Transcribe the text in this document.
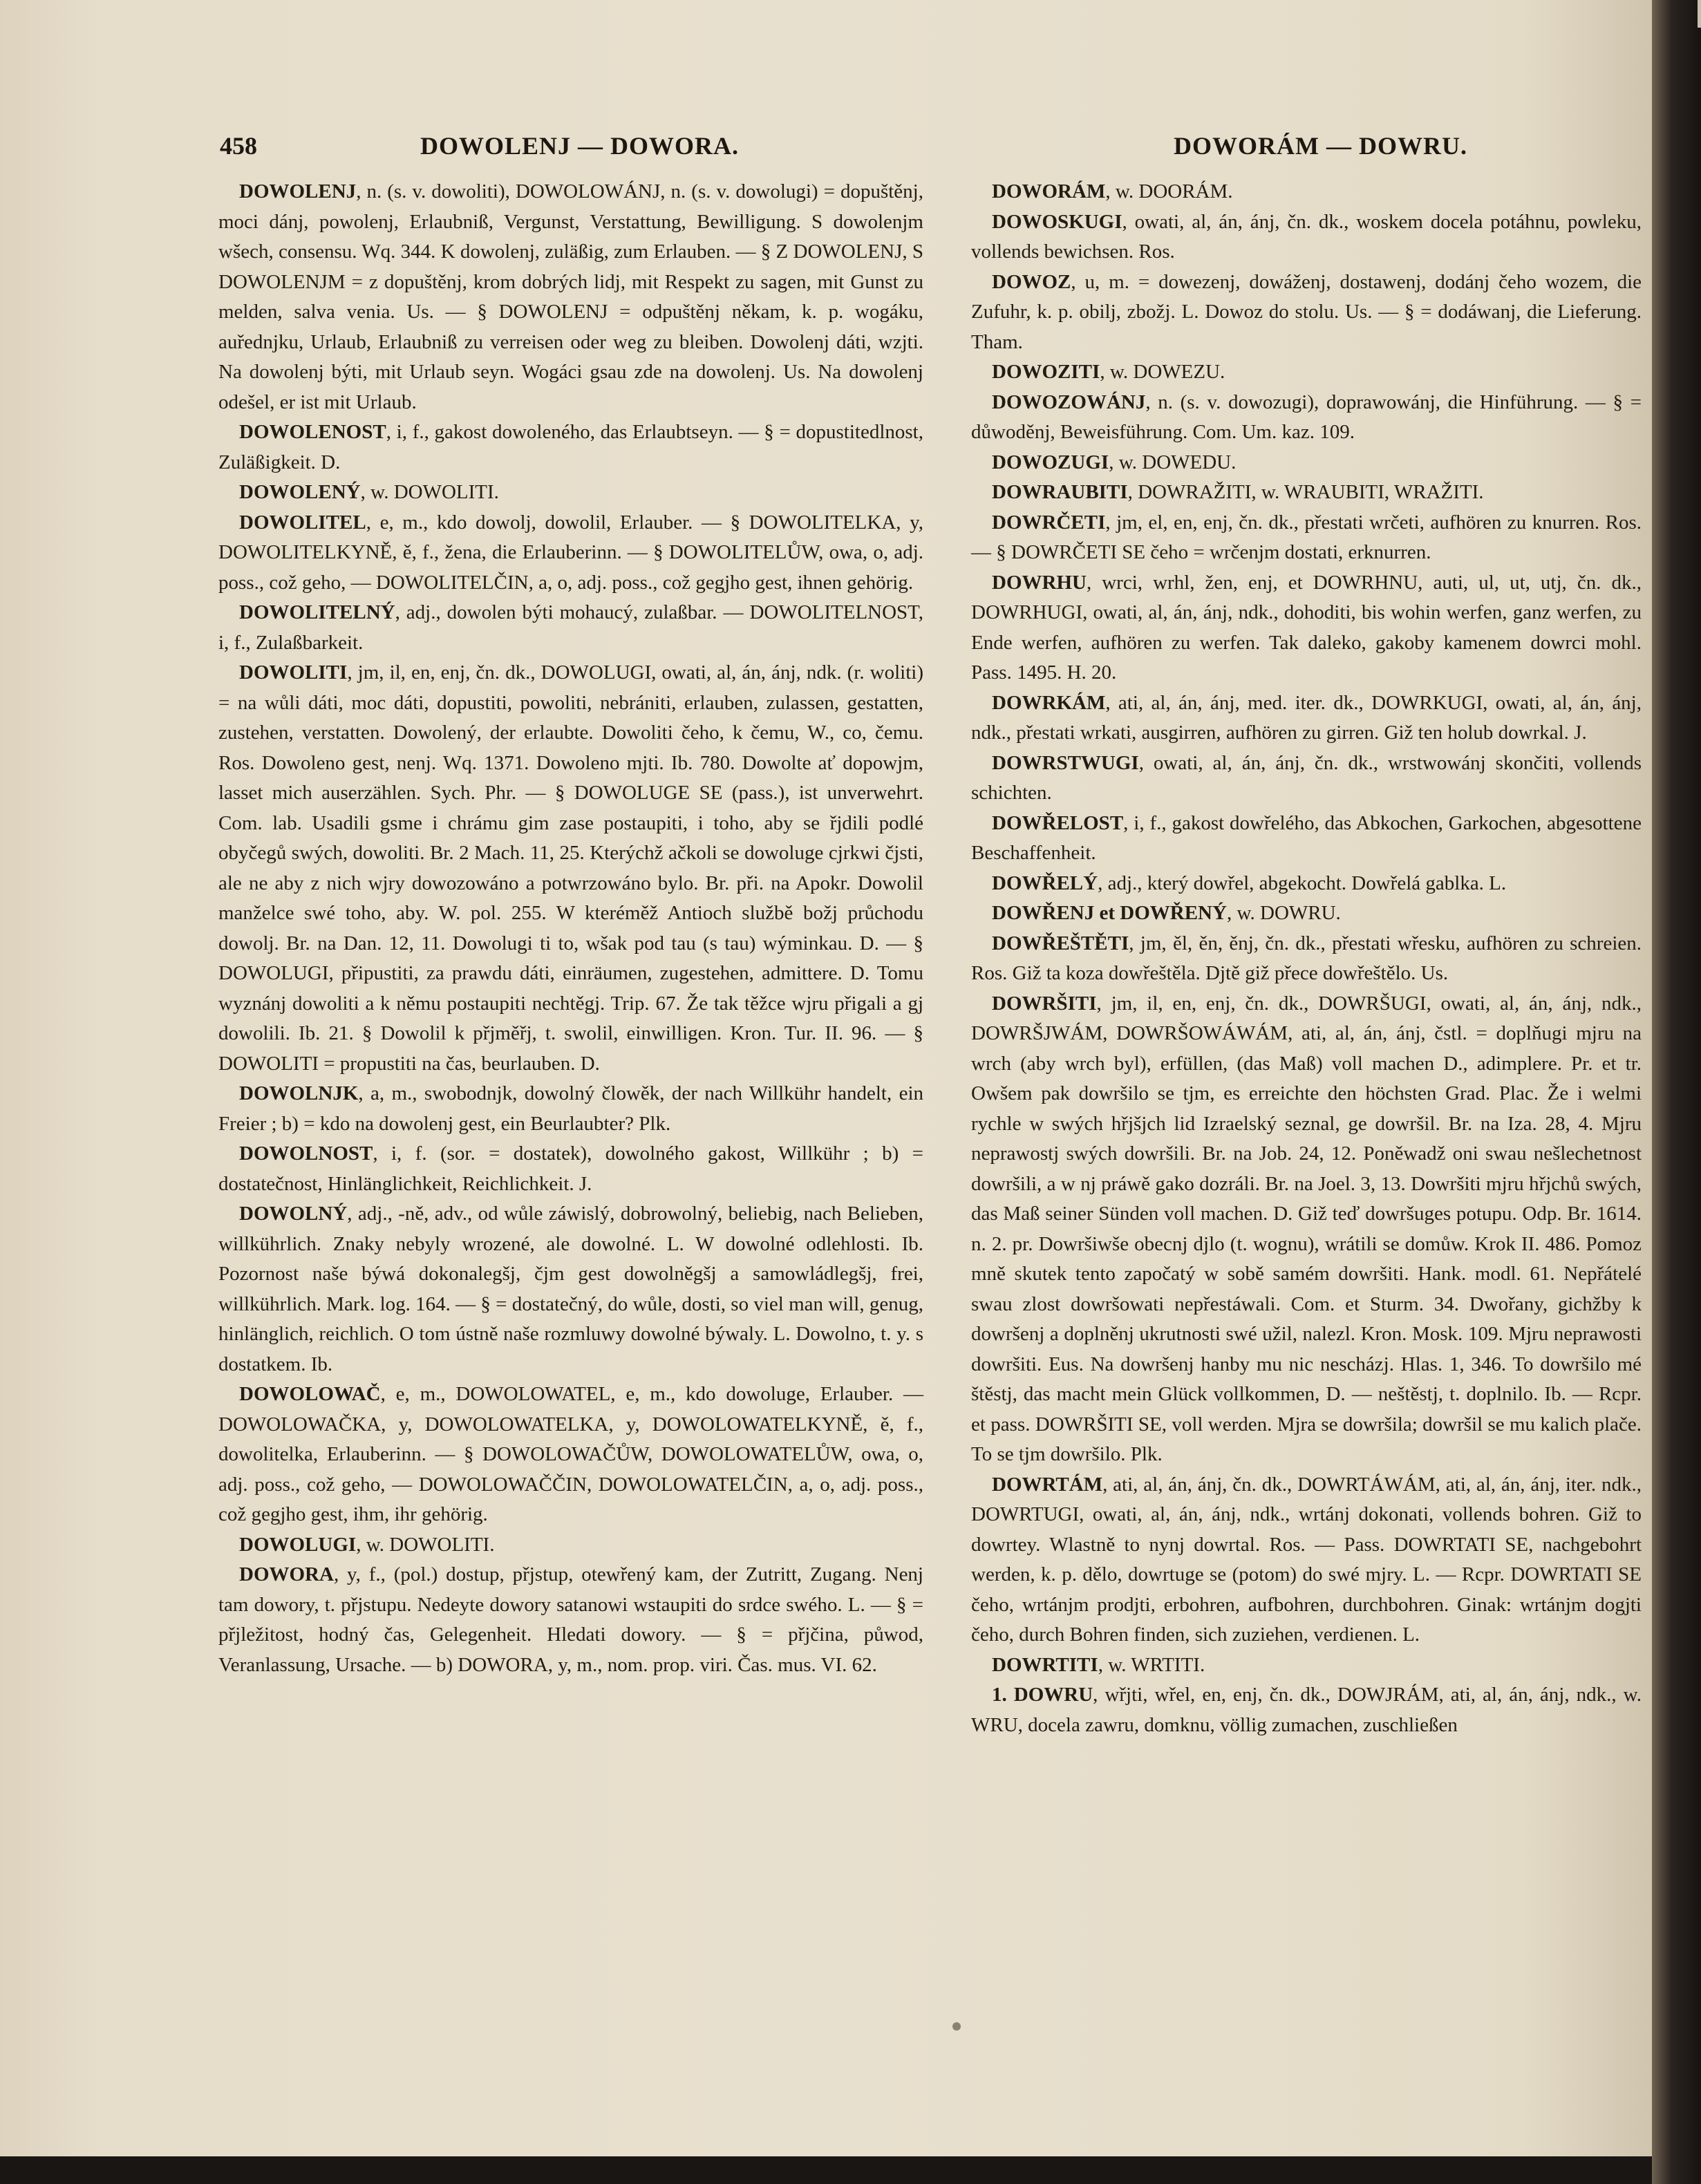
458	DOWOLENJ — DOWORA.	DOWORÁM — DOWRU.

DOWOLENJ, n. (s. v. dowoliti), DOWOLOWÁNJ, n. (s. v. dowolugi) = dopuštěnj, moci dánj, powolenj, Erlaubniß, Vergunst, Verstattung, Bewilligung. S dowolenjm wšech, consensu. Wq. 344. K dowolenj, zuläßig, zum Erlauben. — § Z DOWOLENJ, S DOWOLENJM = z dopuštěnj, krom dobrých lidj, mit Respekt zu sagen, mit Gunst zu melden, salva venia. Us. — § DOWOLENJ = odpuštěnj někam, k. p. wogáku, auřednjku, Urlaub, Erlaubniß zu verreisen oder weg zu bleiben. Dowolenj dáti, wzjti. Na dowolenj býti, mit Urlaub seyn. Wogáci gsau zde na dowolenj. Us. Na dowolenj odešel, er ist mit Urlaub.

DOWOLENOST, i, f., gakost dowoleného, das Erlaubtseyn. — § = dopustitedlnost, Zuläßigkeit. D.

DOWOLENÝ, w. DOWOLITI.

DOWOLITEL, e, m., kdo dowolj, dowolil, Erlauber. — § DOWOLITELKA, y, DOWOLITELKYNĚ, ě, f., žena, die Erlauberinn. — § DOWOLITELŮW, owa, o, adj. poss., což geho, — DOWOLITELČIN, a, o, adj. poss., což gegjho gest, ihnen gehörig.

DOWOLITELNÝ, adj., dowolen býti mohaucý, zulaßbar. — DOWOLITELNOST, i, f., Zulaßbarkeit.

DOWOLITI, jm, il, en, enj, čn. dk., DOWOLUGI, owati, al, án, ánj, ndk. (r. woliti) = na wůli dáti, moc dáti, dopustiti, powoliti, nebrániti, erlauben, zulassen, gestatten, zustehen, verstatten. Dowolený, der erlaubte. Dowoliti čeho, k čemu, W., co, čemu. Ros. Dowoleno gest, nenj. Wq. 1371. Dowoleno mjti. Ib. 780. Dowolte ať dopowjm, lasset mich auserzählen. Sych. Phr. — § DOWOLUGE SE (pass.), ist unverwehrt. Com. lab. Usadili gsme i chrámu gim zase postaupiti, i toho, aby se řjdili podlé obyčegů swých, dowoliti. Br. 2 Mach. 11, 25. Kterýchž ačkoli se dowoluge cjrkwi čjsti, ale ne aby z nich wjry dowozowáno a potwrzowáno bylo. Br. při. na Apokr. Dowolil manželce swé toho, aby. W. pol. 255. W kteréměž Antioch službě božj průchodu dowolj. Br. na Dan. 12, 11. Dowolugi ti to, wšak pod tau (s tau) wýminkau. D. — § DOWOLUGI, připustiti, za prawdu dáti, einräumen, zugestehen, admittere. D. Tomu wyznánj dowoliti a k němu postaupiti nechtěgj. Trip. 67. Že tak těžce wjru přigali a gj dowolili. Ib. 21. § Dowolil k přjměřj, t. swolil, einwilligen. Kron. Tur. II. 96. — § DOWOLITI = propustiti na čas, beurlauben. D.

DOWOLNJK, a, m., swobodnjk, dowolný člowěk, der nach Willkühr handelt, ein Freier ; b) = kdo na dowolenj gest, ein Beurlaubter? Plk.

DOWOLNOST, i, f. (sor. = dostatek), dowolného gakost, Willkühr ; b) = dostatečnost, Hinlänglichkeit, Reichlichkeit. J.

DOWOLNÝ, adj., -ně, adv., od wůle záwislý, dobrowolný, beliebig, nach Belieben, willkührlich. Znaky nebyly wrozené, ale dowolné. L. W dowolné odlehlosti. Ib. Pozornost naše býwá dokonalegšj, čjm gest dowolněgšj a samowládlegšj, frei, willkührlich. Mark. log. 164. — § = dostatečný, do wůle, dosti, so viel man will, genug, hinlänglich, reichlich. O tom ústně naše rozmluwy dowolné býwaly. L. Dowolno, t. y. s dostatkem. Ib.

DOWOLOWAČ, e, m., DOWOLOWATEL, e, m., kdo dowoluge, Erlauber. — DOWOLOWAČKA, y, DOWOLOWATELKA, y, DOWOLOWATELKYNĚ, ě, f., dowolitelka, Erlauberinn. — § DOWOLOWAČŮW, DOWOLOWATELŮW, owa, o, adj. poss., což geho, — DOWOLOWAČČIN, DOWOLOWATELČIN, a, o, adj. poss., což gegjho gest, ihm, ihr gehörig.

DOWOLUGI, w. DOWOLITI.

DOWORA, y, f., (pol.) dostup, přjstup, otewřený kam, der Zutritt, Zugang. Nenj tam dowory, t. přjstupu. Nedeyte dowory satanowi wstaupiti do srdce swého. L. — § = přjležitost, hodný čas, Gelegenheit. Hledati dowory. — § = přjčina, půwod, Veranlassung, Ursache. — b) DOWORA, y, m., nom. prop. viri. Čas. mus. VI. 62.

DOWORÁM, w. DOORÁM.

DOWOSKUGI, owati, al, án, ánj, čn. dk., woskem docela potáhnu, powleku, vollends bewichsen. Ros.

DOWOZ, u, m. = dowezenj, dowáženj, dostawenj, dodánj čeho wozem, die Zufuhr, k. p. obilj, zbožj. L. Dowoz do stolu. Us. — § = dodáwanj, die Lieferung. Tham.

DOWOZITI, w. DOWEZU.

DOWOZOWÁNJ, n. (s. v. dowozugi), doprawowánj, die Hinführung. — § = důwoděnj, Beweisführung. Com. Um. kaz. 109.

DOWOZUGI, w. DOWEDU.

DOWRAUBITI, DOWRAŽITI, w. WRAUBITI, WRAŽITI.

DOWRČETI, jm, el, en, enj, čn. dk., přestati wrčeti, aufhören zu knurren. Ros. — § DOWRČETI SE čeho = wrčenjm dostati, erknurren.

DOWRHU, wrci, wrhl, žen, enj, et DOWRHNU, auti, ul, ut, utj, čn. dk., DOWRHUGI, owati, al, án, ánj, ndk., dohoditi, bis wohin werfen, ganz werfen, zu Ende werfen, aufhören zu werfen. Tak daleko, gakoby kamenem dowrci mohl. Pass. 1495. H. 20.

DOWRKÁM, ati, al, án, ánj, med. iter. dk., DOWRKUGI, owati, al, án, ánj, ndk., přestati wrkati, ausgirren, aufhören zu girren. Giž ten holub dowrkal. J.

DOWRSTWUGI, owati, al, án, ánj, čn. dk., wrstwowánj skončiti, vollends schichten.

DOWŘELOST, i, f., gakost dowřelého, das Abkochen, Garkochen, abgesottene Beschaffenheit.

DOWŘELÝ, adj., který dowřel, abgekocht. Dowřelá gablka. L.

DOWŘENJ et DOWŘENÝ, w. DOWRU.

DOWŘEŠTĚTI, jm, ěl, ěn, ěnj, čn. dk., přestati wřesku, aufhören zu schreien. Ros. Giž ta koza dowřeštěla. Djtě giž přece dowřeštělo. Us.

DOWRŠITI, jm, il, en, enj, čn. dk., DOWRŠUGI, owati, al, án, ánj, ndk., DOWRŠJWÁM, DOWRŠOWÁWÁM, ati, al, án, ánj, čstl. = doplňugi mjru na wrch (aby wrch byl), erfüllen, (das Maß) voll machen D., adimplere. Pr. et tr. Owšem pak dowršilo se tjm, es erreichte den höchsten Grad. Plac. Že i welmi rychle w swých hřjšjch lid Izraelský seznal, ge dowršil. Br. na Iza. 28, 4. Mjru neprawostj swých dowršili. Br. na Job. 24, 12. Poněwadž oni swau nešlechetnost dowršili, a w nj práwě gako dozráli. Br. na Joel. 3, 13. Dowršiti mjru hřjchů swých, das Maß seiner Sünden voll machen. D. Giž teď dowršuges potupu. Odp. Br. 1614. n. 2. pr. Dowršiwše obecnj djlo (t. wognu), wrátili se domůw. Krok II. 486. Pomoz mně skutek tento započatý w sobě samém dowršiti. Hank. modl. 61. Nepřátelé swau zlost dowršowati nepřestáwali. Com. et Sturm. 34. Dwořany, gichžby k dowršenj a doplněnj ukrutnosti swé užil, nalezl. Kron. Mosk. 109. Mjru neprawosti dowršiti. Eus. Na dowršenj hanby mu nic nescházj. Hlas. 1, 346. To dowršilo mé štěstj, das macht mein Glück vollkommen, D. — neštěstj, t. doplnilo. Ib. — Rcpr. et pass. DOWRŠITI SE, voll werden. Mjra se dowršila; dowršil se mu kalich plače. To se tjm dowršilo. Plk.

DOWRTÁM, ati, al, án, ánj, čn. dk., DOWRTÁWÁM, ati, al, án, ánj, iter. ndk., DOWRTUGI, owati, al, án, ánj, ndk., wrtánj dokonati, vollends bohren. Giž to dowrtey. Wlastně to nynj dowrtal. Ros. — Pass. DOWRTATI SE, nachgebohrt werden, k. p. dělo, dowrtuge se (potom) do swé mjry. L. — Rcpr. DOWRTATI SE čeho, wrtánjm prodjti, erbohren, aufbohren, durchbohren. Ginak: wrtánjm dogjti čeho, durch Bohren finden, sich zuziehen, verdienen. L.

DOWRTITI, w. WRTITI.

1. DOWRU, wřjti, wřel, en, enj, čn. dk., DOWJRÁM, ati, al, án, ánj, ndk., w. WRU, docela zawru, domknu, völlig zumachen, zuschließen
